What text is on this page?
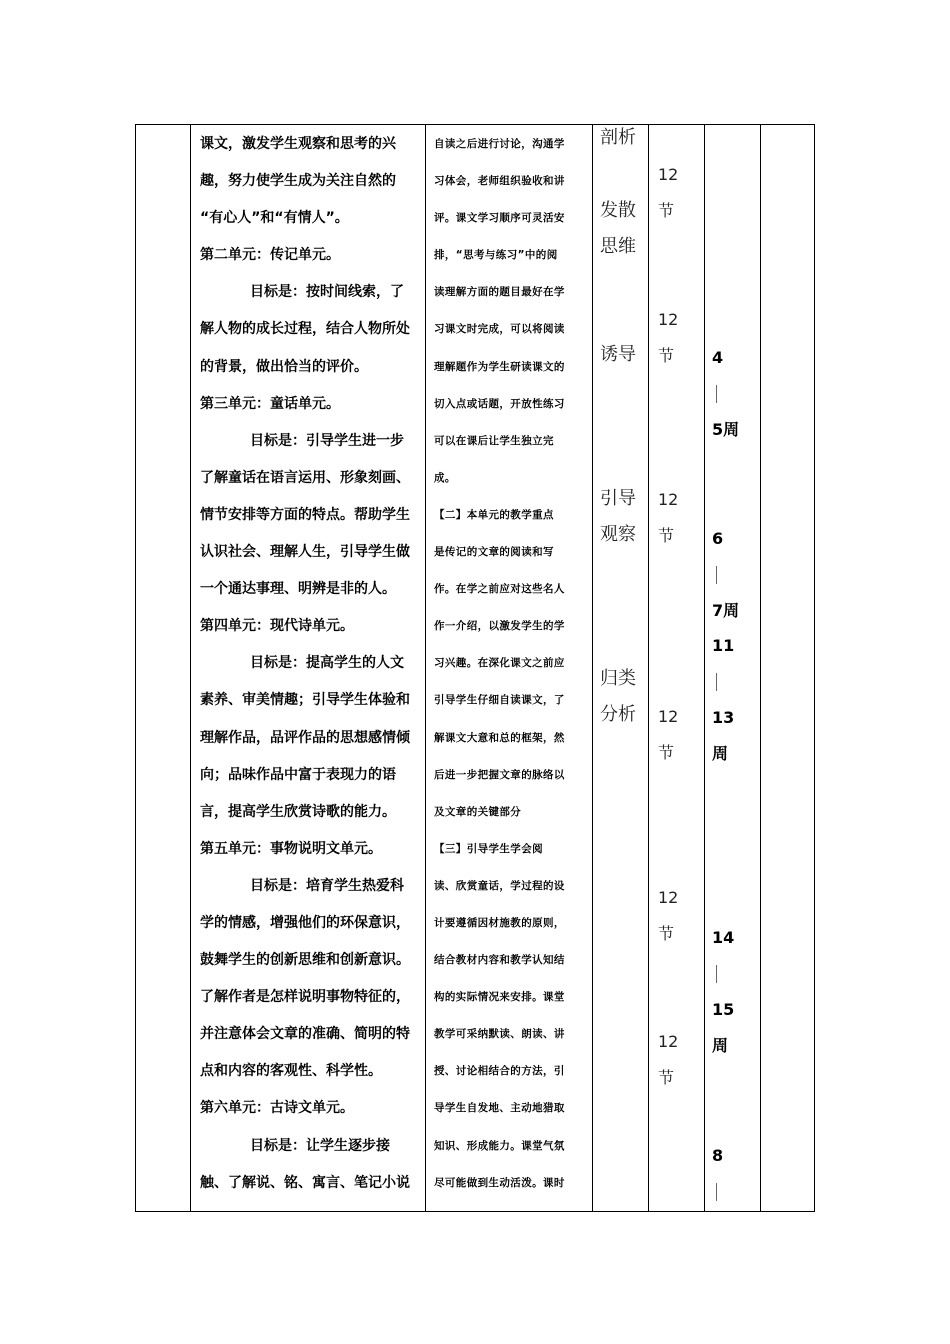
课文，激发学生观察和思考的兴
趣，努力使学生成为关注自然的
“有心人”和“有情人”。
第二单元：传记单元。
目标是：按时间线索，了
解人物的成长过程，结合人物所处
的背景，做出恰当的评价。
第三单元：童话单元。
目标是：引导学生进一步
了解童话在语言运用、形象刻画、
情节安排等方面的特点。帮助学生
认识社会、理解人生，引导学生做
一个通达事理、明辨是非的人。
第四单元：现代诗单元。
目标是：提高学生的人文
素养、审美情趣；引导学生体验和
理解作品，品评作品的思想感情倾
向；品味作品中富于表现力的语
言，提高学生欣赏诗歌的能力。
第五单元：事物说明文单元。
目标是：培育学生热爱科
学的情感，增强他们的环保意识，
鼓舞学生的创新思维和创新意识。
了解作者是怎样说明事物特征的，
并注意体会文章的准确、简明的特
点和内容的客观性、科学性。
第六单元：古诗文单元。
目标是：让学生逐步接
触、了解说、铭、寓言、笔记小说
自读之后进行讨论，沟通学
习体会，老师组织验收和讲
评。课文学习顺序可灵活安
排，“思考与练习”中的阅
读理解方面的题目最好在学
习课文时完成，可以将阅读
理解题作为学生研读课文的
切入点或话题，开放性练习
可以在课后让学生独立完
成。
【二】本单元的教学重点
是传记的文章的阅读和写
作。在学之前应对这些名人
作一介绍，以激发学生的学
习兴趣。在深化课文之前应
引导学生仔细自读课文，了
解课文大意和总的框架，然
后进一步把握文章的脉络以
及文章的关键部分
【三】引导学生学会阅
读、欣赏童话，学过程的设
计要遵循因材施教的原则，
结合教材内容和教学认知结
构的实际情况来安排。课堂
教学可采纳默读、朗读、讲
授、讨论相结合的方法，引
导学生自发地、主动地猎取
知识、形成能力。课堂气氛
尽可能做到生动活泼。课时
剖析
发散
思维
诱导
引导
观察
归类
分析
12
节
12
节
12
节
12
节
12
节
12
节
4
5周
6
7周
11
13
周
14
15
周
8
